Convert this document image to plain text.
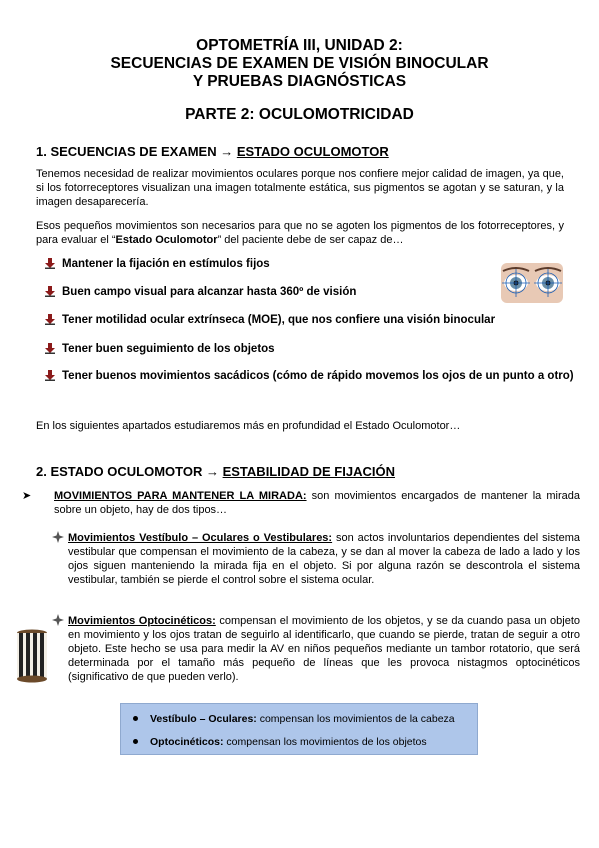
OPTOMETRÍA III, UNIDAD 2:
SECUENCIAS DE EXAMEN DE VISIÓN BINOCULAR
Y PRUEBAS DIAGNÓSTICAS
PARTE 2: OCULOMOTRICIDAD
1. SECUENCIAS DE EXAMEN → ESTADO OCULOMOTOR
Tenemos necesidad de realizar movimientos oculares porque nos confiere mejor calidad de imagen, ya que, si los fotorreceptores visualizan una imagen totalmente estática, sus pigmentos se agotan y se saturan, y la imagen desaparecería.
Esos pequeños movimientos son necesarios para que no se agoten los pigmentos de los fotorreceptores, y para evaluar el “Estado Oculomotor” del paciente debe de ser capaz de…
Mantener la fijación en estímulos fijos
Buen campo visual para alcanzar hasta 360º de visión
Tener motilidad ocular extrínseca (MOE), que nos confiere una visión binocular
Tener buen seguimiento de los objetos
Tener buenos movimientos sacádicos (cómo de rápido movemos los ojos de un punto a otro)
En los siguientes apartados estudiaremos más en profundidad el Estado Oculomotor…
2. ESTADO OCULOMOTOR → ESTABILIDAD DE FIJACIÓN
➤ MOVIMIENTOS PARA MANTENER LA MIRADA: son movimientos encargados de mantener la mirada sobre un objeto, hay de dos tipos…
Movimientos Vestíbulo – Oculares o Vestibulares: son actos involuntarios dependientes del sistema vestibular que compensan el movimiento de la cabeza, y se dan al mover la cabeza de lado a lado y los ojos siguen manteniendo la mirada fija en el objeto. Si por alguna razón se descontrola el sistema vestibular, también se pierde el control sobre el sistema ocular.
Movimientos Optocinéticos: compensan el movimiento de los objetos, y se da cuando pasa un objeto en movimiento y los ojos tratan de seguirlo al identificarlo, que cuando se pierde, tratan de seguir a otro objeto. Este hecho se usa para medir la AV en niños pequeños mediante un tambor rotatorio, que será determinada por el tamaño más pequeño de líneas que les provoca nistagmos optocinéticos (significativo de que pueden verlo).
Vestíbulo – Oculares: compensan los movimientos de la cabeza
Optocinéticos: compensan los movimientos de los objetos
